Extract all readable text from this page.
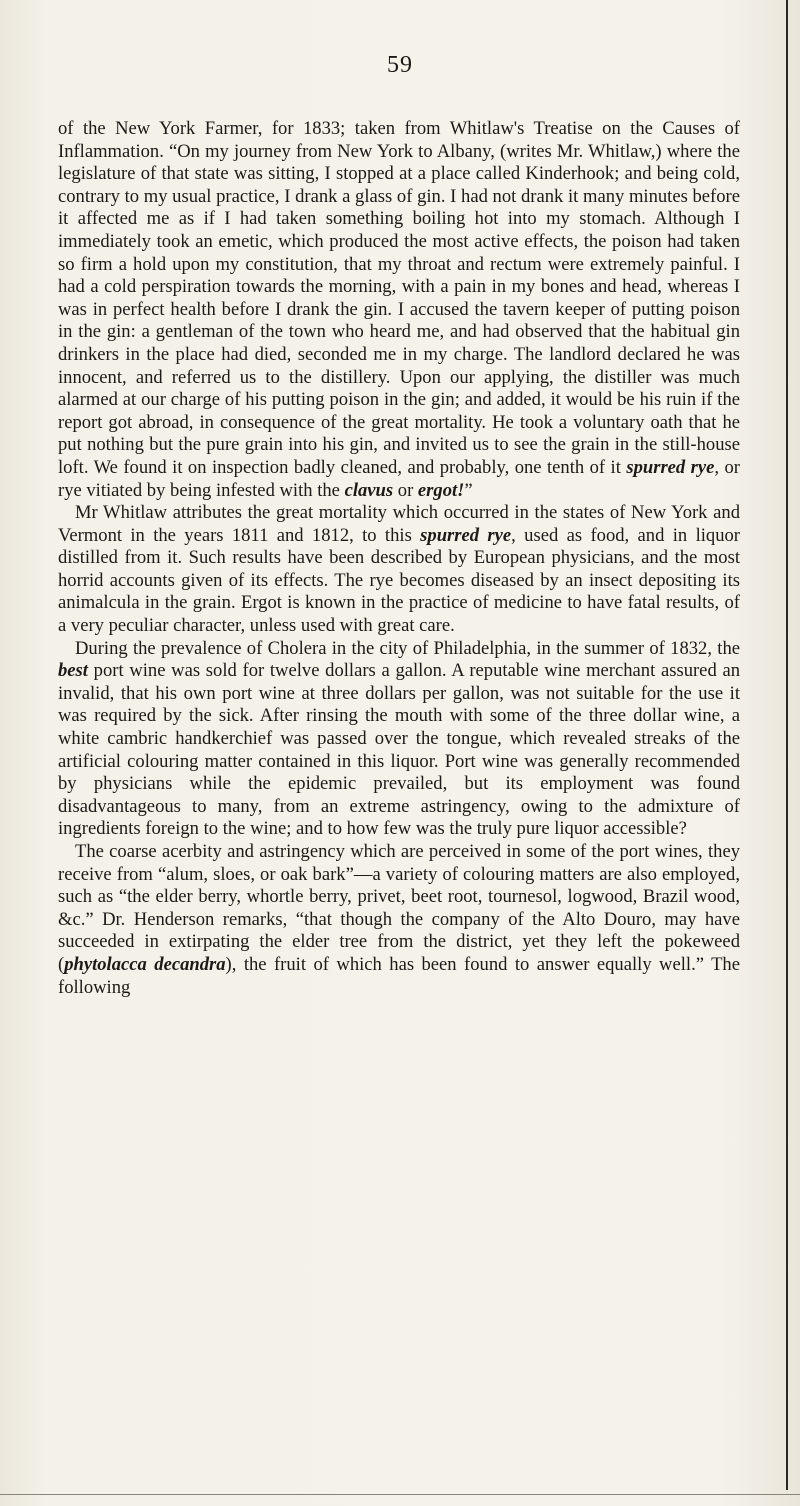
59

of the New York Farmer, for 1833; taken from Whitlaw's Treatise on the Causes of Inflammation. “On my journey from New York to Albany, (writes Mr. Whitlaw,) where the legislature of that state was sitting, I stopped at a place called Kinderhook; and being cold, contrary to my usual practice, I drank a glass of gin. I had not drank it many minutes before it affected me as if I had taken something boiling hot into my stomach. Although I immediately took an emetic, which produced the most active effects, the poison had taken so firm a hold upon my constitution, that my throat and rectum were extremely painful. I had a cold perspiration towards the morning, with a pain in my bones and head, whereas I was in perfect health before I drank the gin. I accused the tavern keeper of putting poison in the gin: a gentleman of the town who heard me, and had observed that the habitual gin drinkers in the place had died, seconded me in my charge. The landlord declared he was innocent, and referred us to the distillery. Upon our applying, the distiller was much alarmed at our charge of his putting poison in the gin; and added, it would be his ruin if the report got abroad, in consequence of the great mortality. He took a voluntary oath that he put nothing but the pure grain into his gin, and invited us to see the grain in the still-house loft. We found it on inspection badly cleaned, and probably, one tenth of it spurred rye, or rye vitiated by being infested with the clavus or ergot!”

Mr Whitlaw attributes the great mortality which occurred in the states of New York and Vermont in the years 1811 and 1812, to this spurred rye, used as food, and in liquor distilled from it. Such results have been described by European physicians, and the most horrid accounts given of its effects. The rye becomes diseased by an insect depositing its animalcula in the grain. Ergot is known in the practice of medicine to have fatal results, of a very peculiar character, unless used with great care.

During the prevalence of Cholera in the city of Philadelphia, in the summer of 1832, the best port wine was sold for twelve dollars a gallon. A reputable wine merchant assured an invalid, that his own port wine at three dollars per gallon, was not suitable for the use it was required by the sick. After rinsing the mouth with some of the three dollar wine, a white cambric handkerchief was passed over the tongue, which revealed streaks of the artificial colouring matter contained in this liquor. Port wine was generally recommended by physicians while the epidemic prevailed, but its employment was found disadvantageous to many, from an extreme astringency, owing to the admixture of ingredients foreign to the wine; and to how few was the truly pure liquor accessible?

The coarse acerbity and astringency which are perceived in some of the port wines, they receive from “alum, sloes, or oak bark”—a variety of colouring matters are also employed, such as “the elder berry, whortle berry, privet, beet root, tournesol, logwood, Brazil wood, &c.” Dr. Henderson remarks, “that though the company of the Alto Douro, may have succeeded in extirpating the elder tree from the district, yet they left the pokeweed (phytolacca decandra), the fruit of which has been found to answer equally well.” The following
